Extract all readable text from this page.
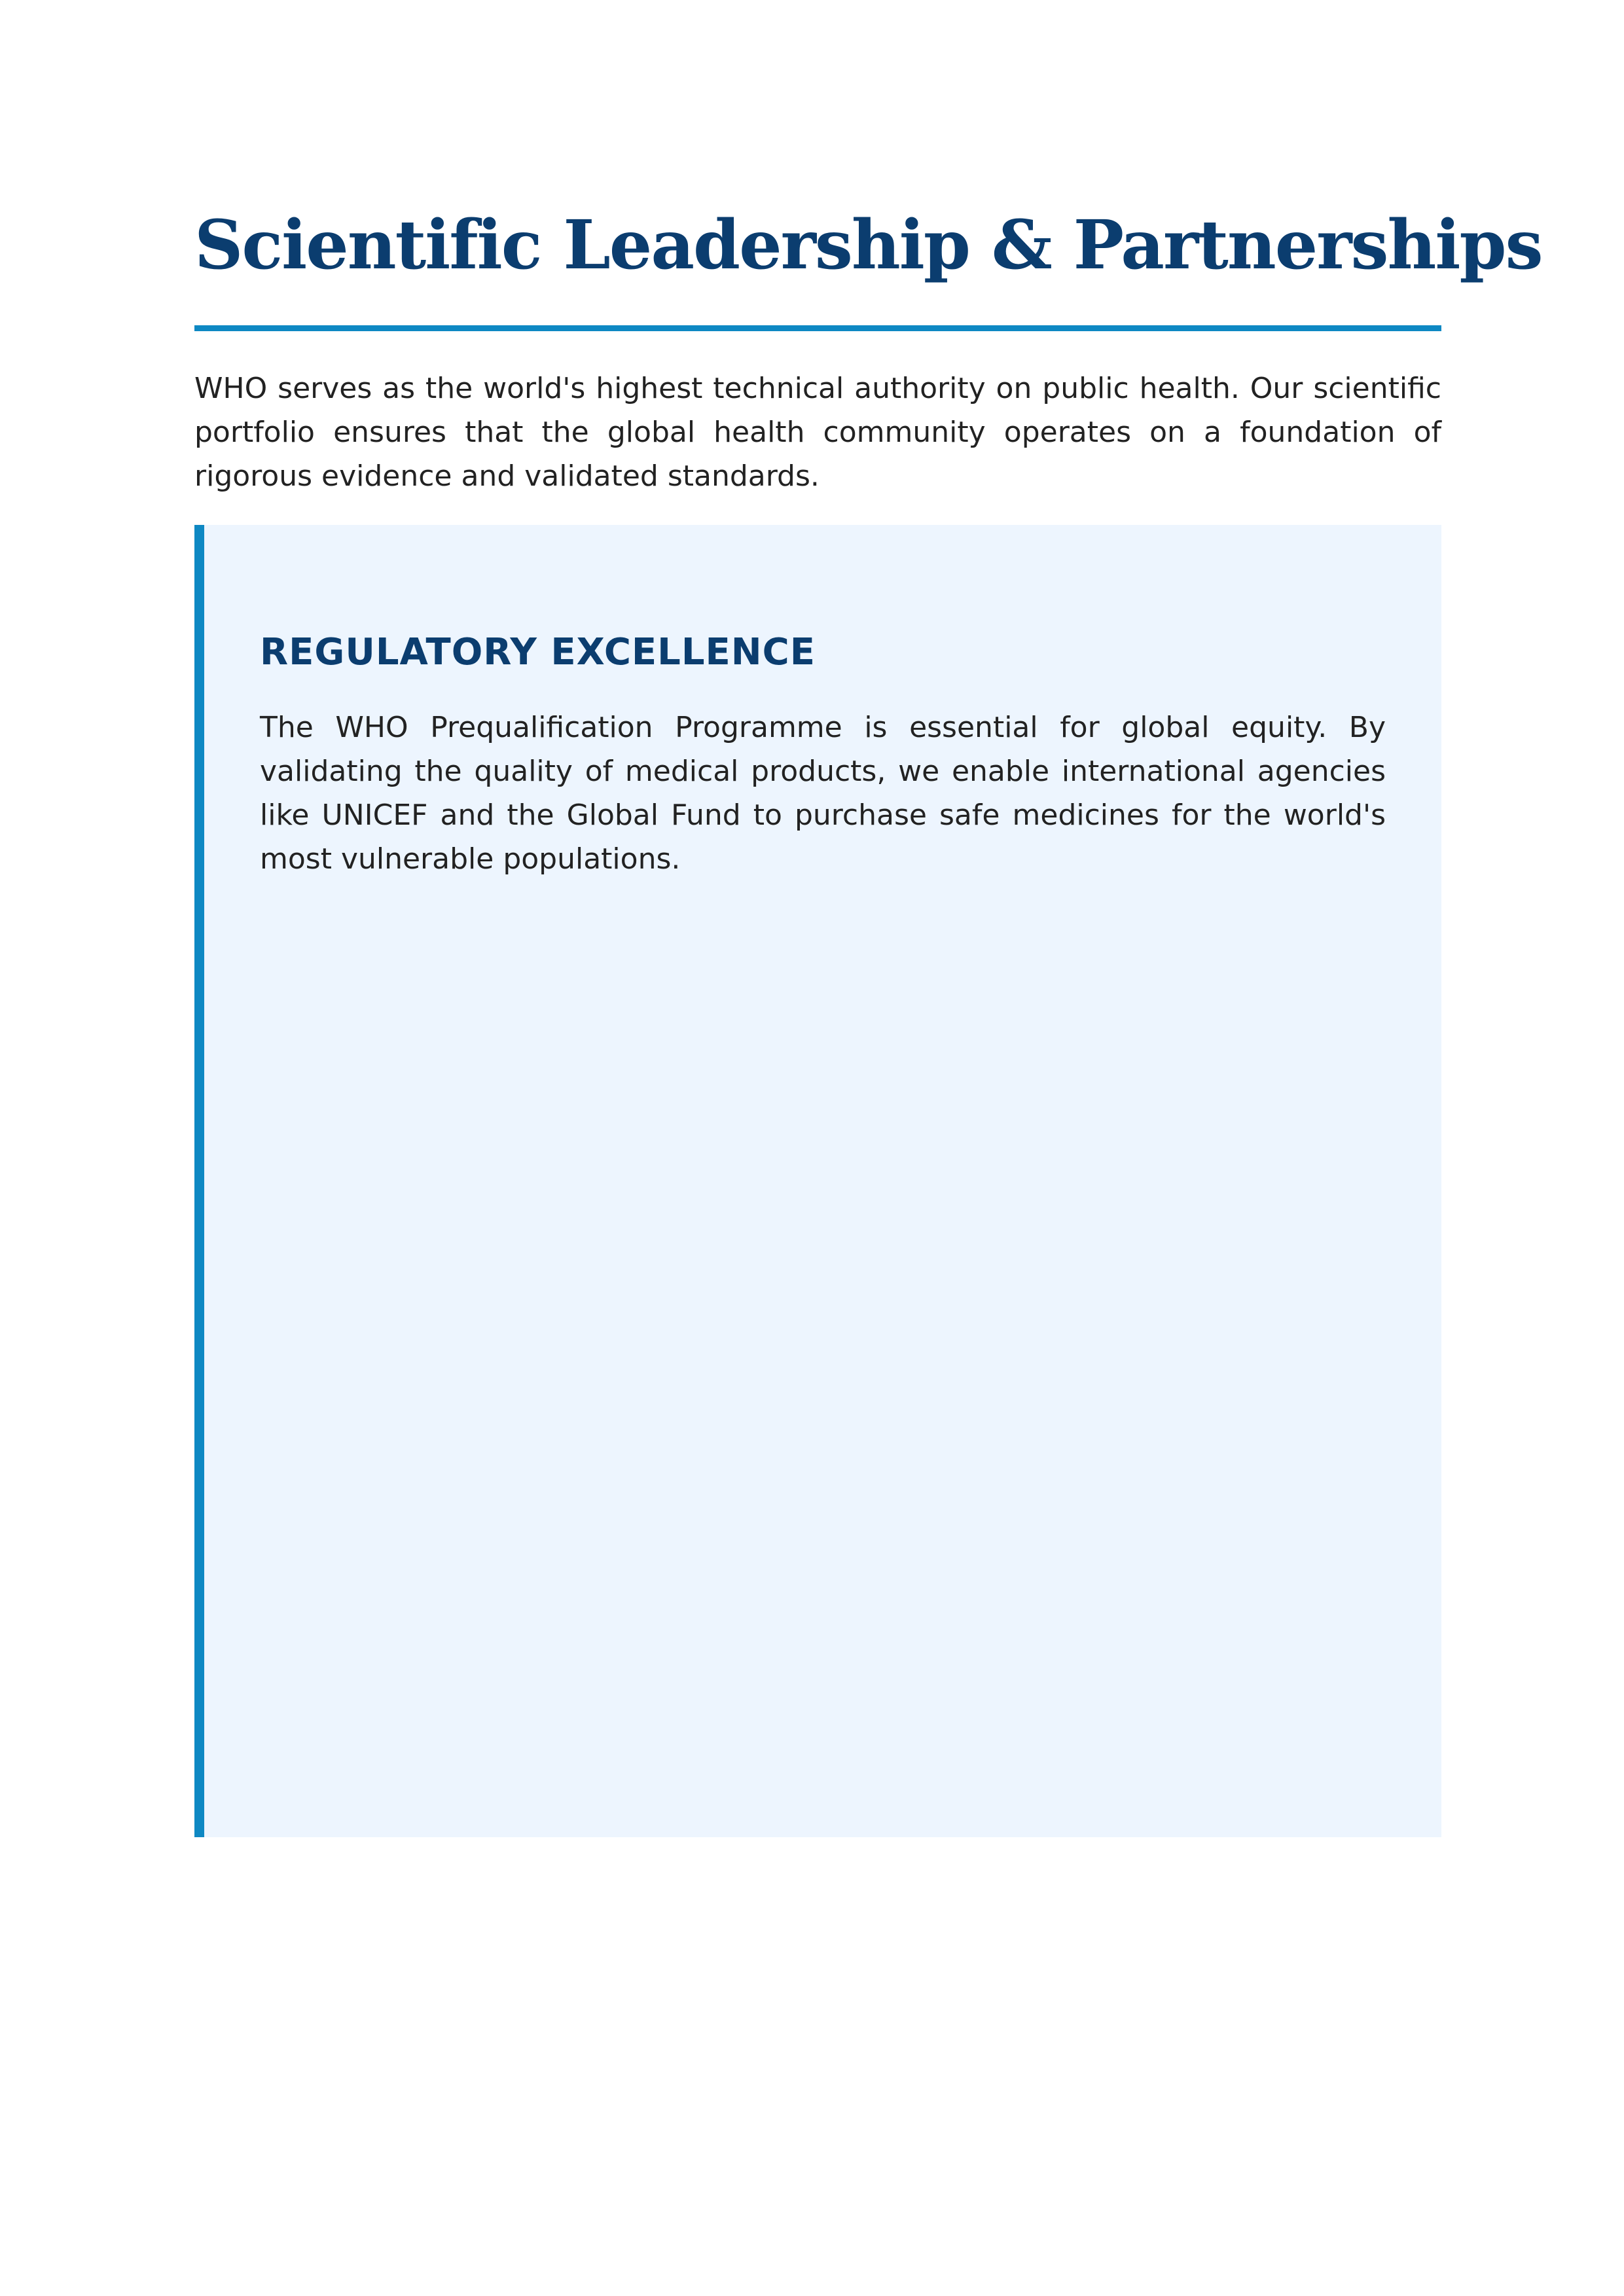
Scientific Leadership & Partnerships

WHO serves as the world's highest technical authority on public health. Our scientific portfolio ensures that the global health community operates on a foundation of rigorous evidence and validated standards.

REGULATORY EXCELLENCE

The WHO Prequalification Programme is essential for global equity. By validating the quality of medical products, we enable international agencies like UNICEF and the Global Fund to purchase safe medicines for the world's most vulnerable populations.
